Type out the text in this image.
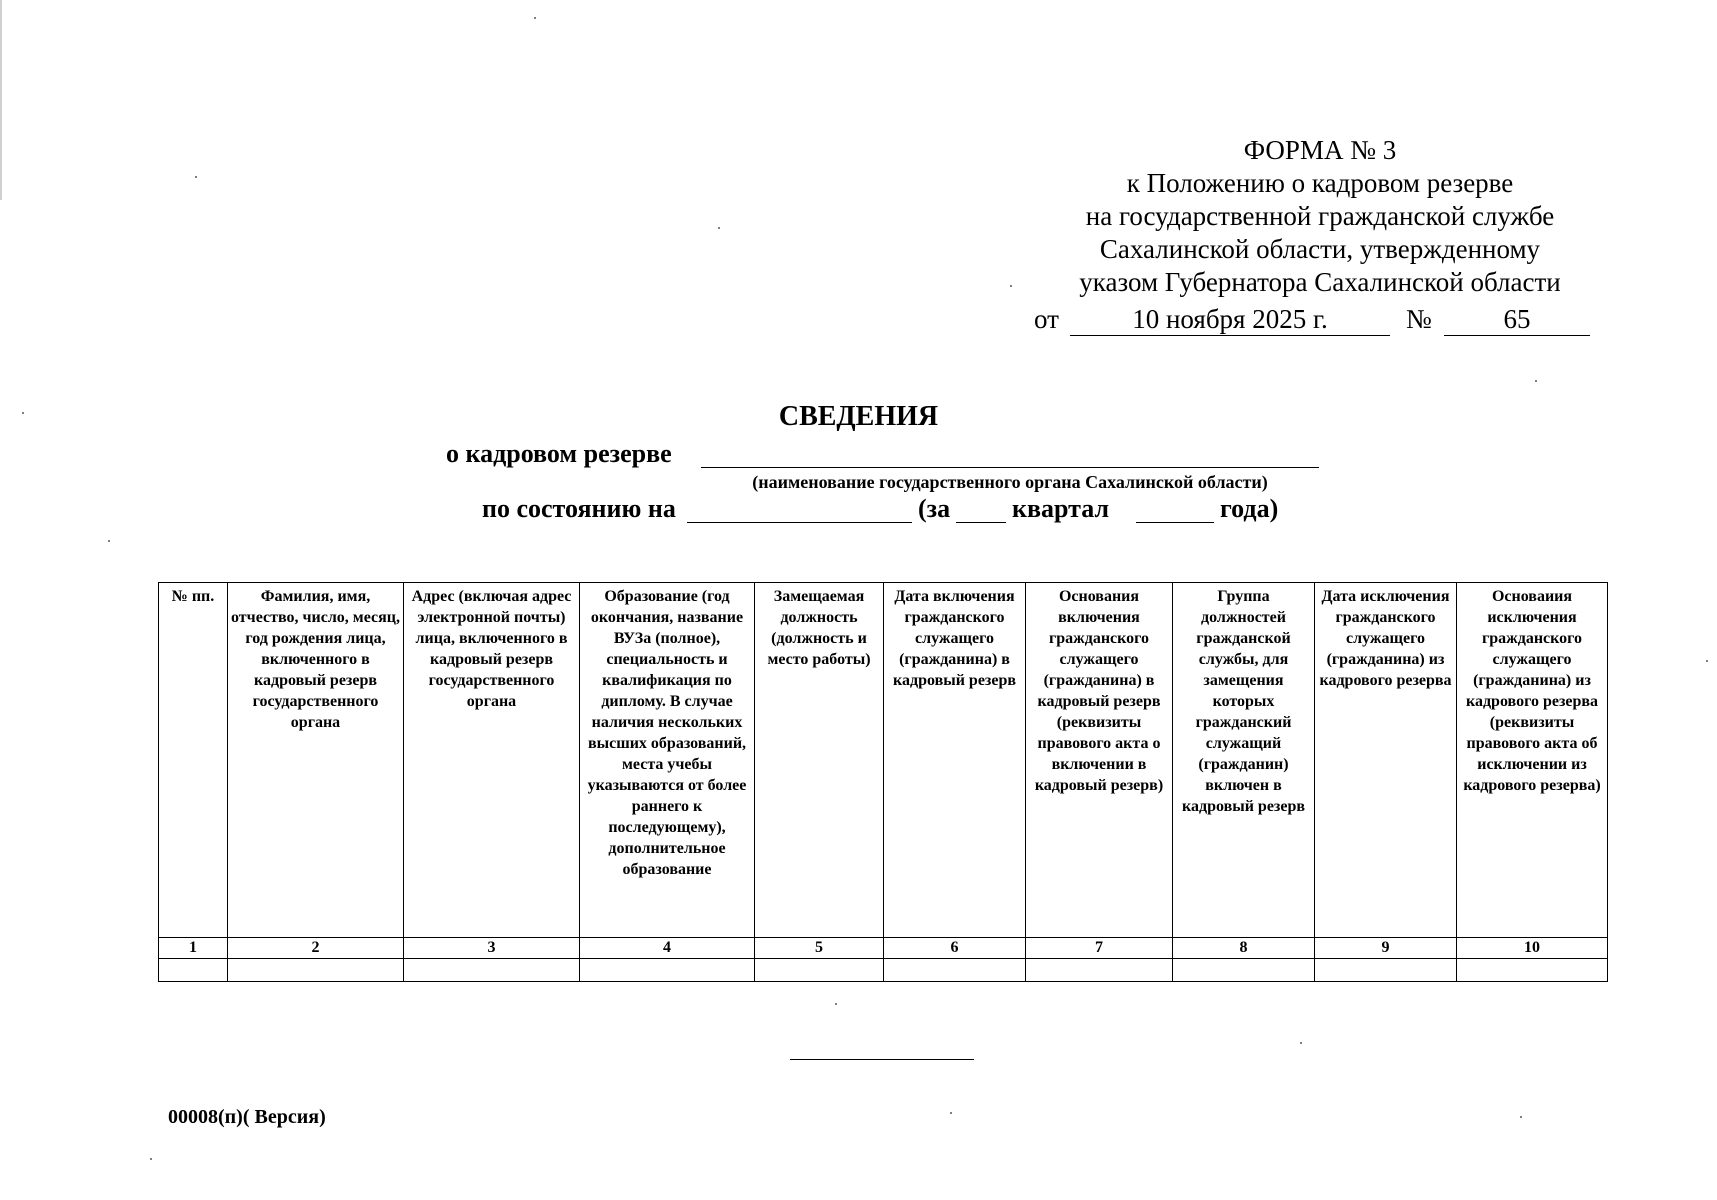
ФОРМА № 3
к Положению о кадровом резерве
на государственной гражданской службе
Сахалинской области, утвержденному
указом Губернатора Сахалинской области
от	10 ноября 2025 г.	№	65
СВЕДЕНИЯ
о кадровом резерве
(наименование государственного органа Сахалинской области)
по состоянию на	(за квартал	года)
№ пп.	Фамилия, имя, отчество, число, месяц, год рождения лица, включенного в кадровый резерв государственного органа	Адрес (включая адрес электронной почты) лица, включенного в кадровый резерв государственного органа	Образование (год окончания, название ВУЗа (полное), специальность и квалификация по диплому. В случае наличия нескольких высших образований, места учебы указываются от более раннего к последующему), дополнительное образование	Замещаемая должность (должность и место работы)	Дата включения гражданского служащего (гражданина) в кадровый резерв	Основания включения гражданского служащего (гражданина) в кадровый резерв (реквизиты правового акта о включении в кадровый резерв)	Группа должностей гражданской службы, для замещения которых гражданский служащий (гражданин) включен в кадровый резерв	Дата исключения гражданского служащего (гражданина) из кадрового резерва	Основаиия исключения гражданского служащего (гражданина) из кадрового резерва (реквизиты правового акта об исключении из кадрового резерва)
1	2	3	4	5	6	7	8	9	10

00008(п)( Версия)
